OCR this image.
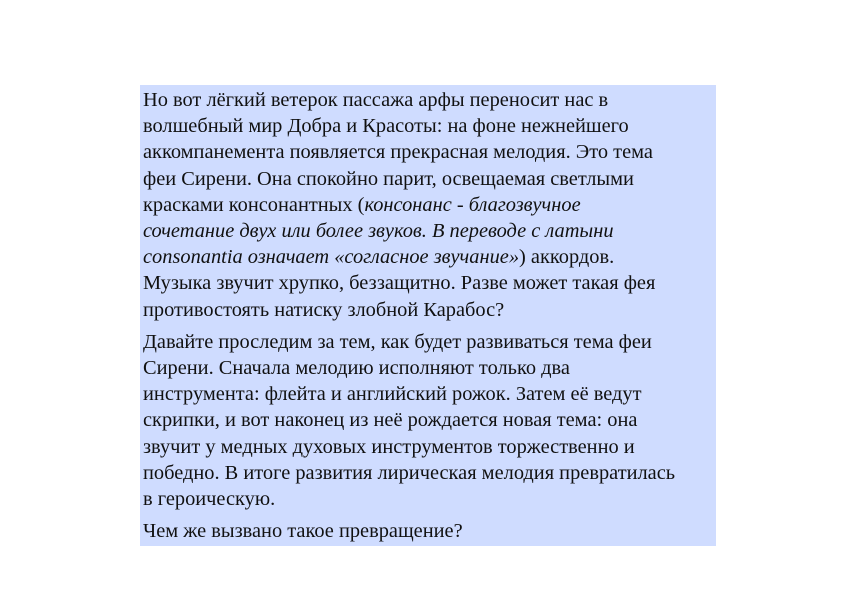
Но вот лёгкий ветерок пассажа арфы переносит нас в
волшебный мир Добра и Красоты: на фоне нежнейшего
аккомпанемента появляется прекрасная мелодия. Это тема
феи Сирени. Она спокойно парит, освещаемая светлыми
красками консонантных (консонанс - благозвучное
сочетание двух или более звуков. В переводе с латыни
consonantia означает «согласное звучание») аккордов.
Музыка звучит хрупко, беззащитно. Разве может такая фея
противостоять натиску злобной Карабос?

Давайте проследим за тем, как будет развиваться тема феи
Сирени. Сначала мелодию исполняют только два
инструмента: флейта и английский рожок. Затем её ведут
скрипки, и вот наконец из неё рождается новая тема: она
звучит у медных духовых инструментов торжественно и
победно. В итоге развития лирическая мелодия превратилась
в героическую.

Чем же вызвано такое превращение?
